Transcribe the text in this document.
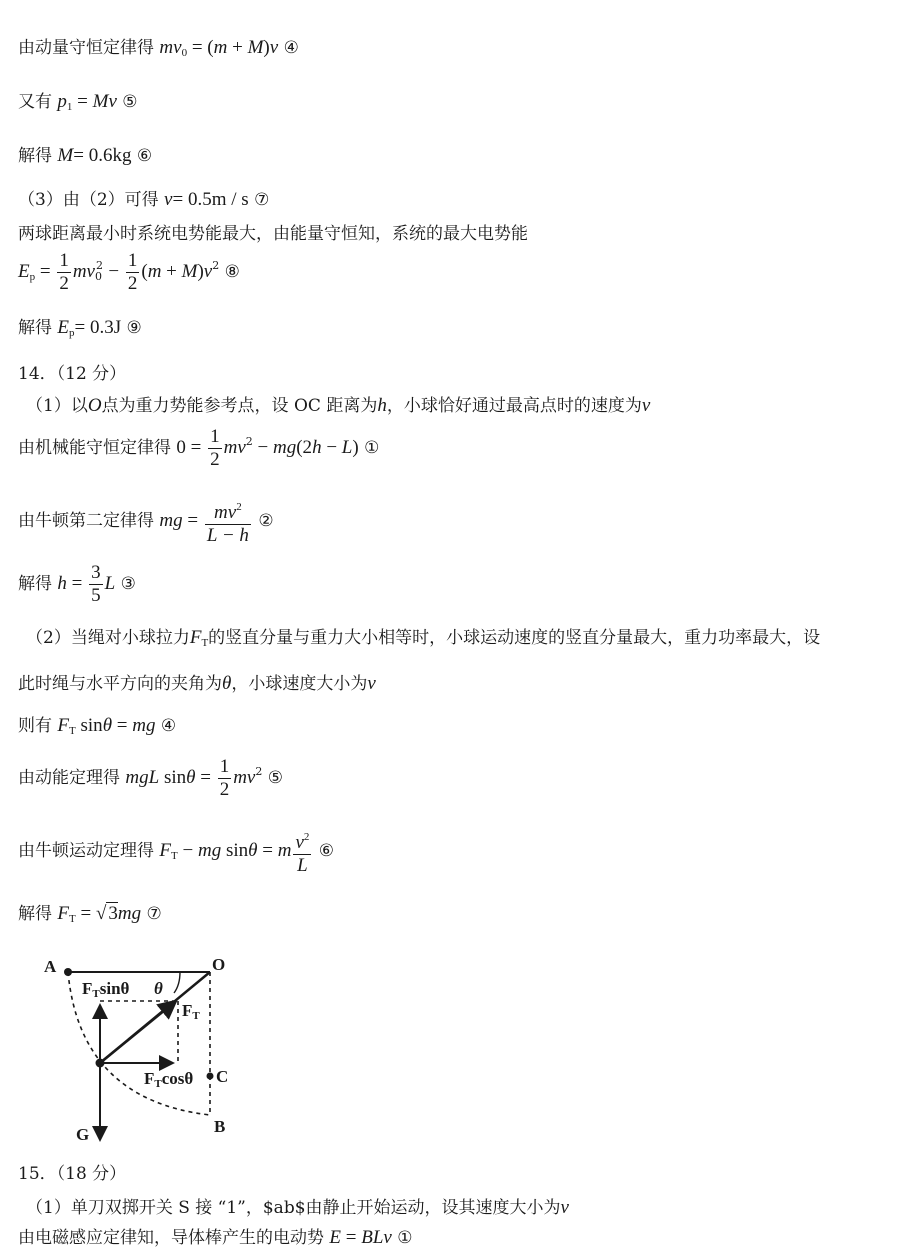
由动量守恒定律得 $mv_0 = (m + M)v$ ④
又有 $p_1 = Mv$ ⑤
解得 M= 0.6kg ⑥
（3）由（2）可得 v= 0.5m / s ⑦
两球距离最小时系统电势能最大，由能量守恒知，系统的最大电势能
$E_p = \frac{1}{2} mv_0^2 - \frac{1}{2} (m + M)v^2$ ⑧
解得 $E_p= 0.3J$ ⑨
14．（12 分）
（1）以O点为重力势能参考点，设 OC 距离为h，小球恰好通过最高点时的速度为v
由机械能守恒定律得 $0 = \frac{1}{2} mv^2 - mg(2h - L)$ ①
由牛顿第二定律得 mg = $\frac{mv^2}{L - h}$ ②
解得 $h = \frac{3}{5}$ L ③
（2）当绳对小球拉力$F_T$的竖直分量与重力大小相等时，小球运动速度的竖直分量最大，重力功率最大，设
此时绳与水平方向的夹角为θ，小球速度大小为v
则有 $F_T$ sinθ = mg ④
由动能定理得 mgL $\sin\theta = \frac{1}{2} mv^2$ ⑤
由牛顿运动定理得 $F_T$ − mg sinθ = m $\frac{v^2}{L}$ ⑥
解得 $F_T$ = √ 3mg ⑦
A	O
B
C
G
θ
FTsinθ
FT
FTcosθ
15．（18 分）
（1）单刀双掷开关 S 接 “1”，$ab$由静止开始运动，设其速度大小为v
由电磁感应定律知，导体棒产生的电动势 E = BLv ①
